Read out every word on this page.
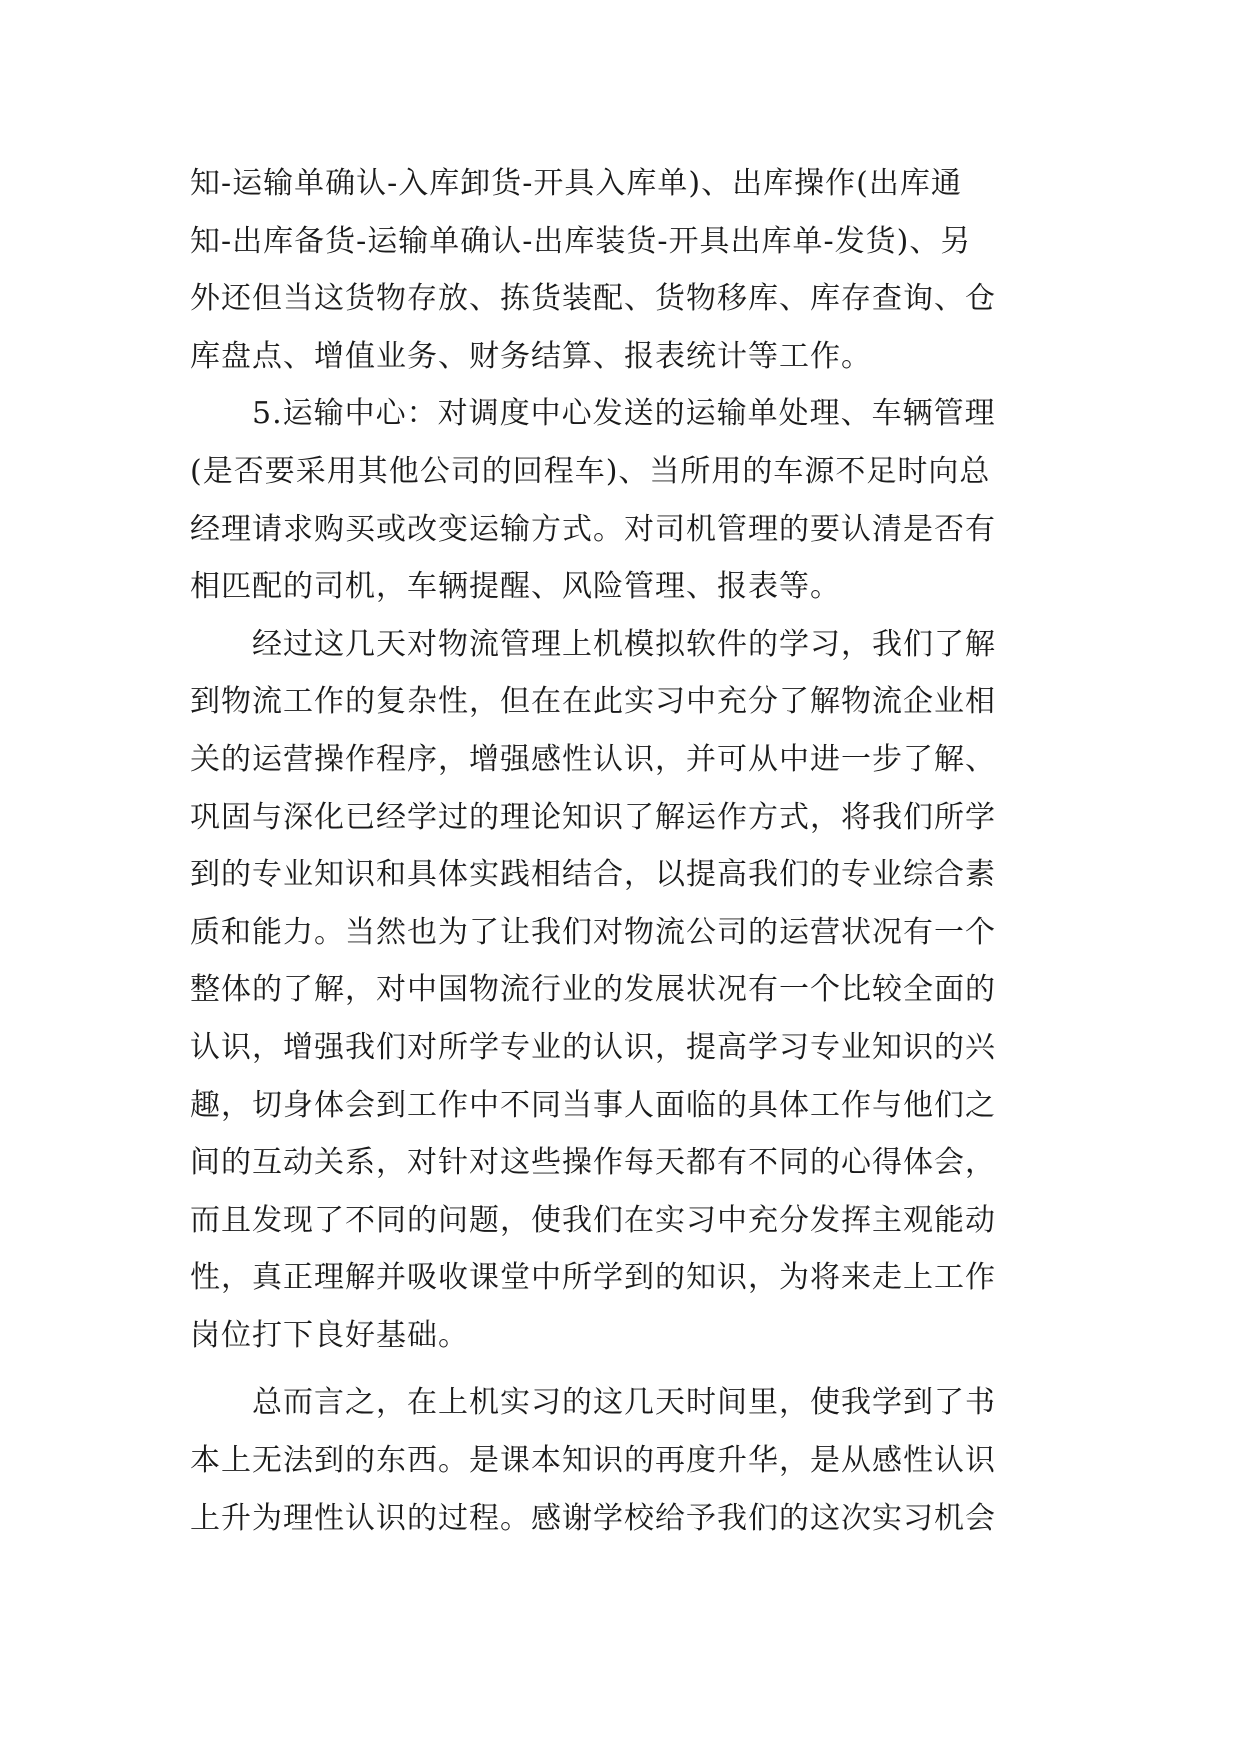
知-运输单确认-入库卸货-开具入库单)、出库操作(出库通
知-出库备货-运输单确认-出库装货-开具出库单-发货)、另
外还但当这货物存放、拣货装配、货物移库、库存查询、仓
库盘点、增值业务、财务结算、报表统计等工作。
5.运输中心：对调度中心发送的运输单处理、车辆管理
(是否要采用其他公司的回程车)、当所用的车源不足时向总
经理请求购买或改变运输方式。对司机管理的要认清是否有
相匹配的司机，车辆提醒、风险管理、报表等。
经过这几天对物流管理上机模拟软件的学习，我们了解
到物流工作的复杂性，但在在此实习中充分了解物流企业相
关的运营操作程序，增强感性认识，并可从中进一步了解、
巩固与深化已经学过的理论知识了解运作方式，将我们所学
到的专业知识和具体实践相结合，以提高我们的专业综合素
质和能力。当然也为了让我们对物流公司的运营状况有一个
整体的了解，对中国物流行业的发展状况有一个比较全面的
认识，增强我们对所学专业的认识，提高学习专业知识的兴
趣，切身体会到工作中不同当事人面临的具体工作与他们之
间的互动关系，对针对这些操作每天都有不同的心得体会，
而且发现了不同的问题，使我们在实习中充分发挥主观能动
性，真正理解并吸收课堂中所学到的知识，为将来走上工作
岗位打下良好基础。
总而言之，在上机实习的这几天时间里，使我学到了书
本上无法到的东西。是课本知识的再度升华，是从感性认识
上升为理性认识的过程。感谢学校给予我们的这次实习机会
